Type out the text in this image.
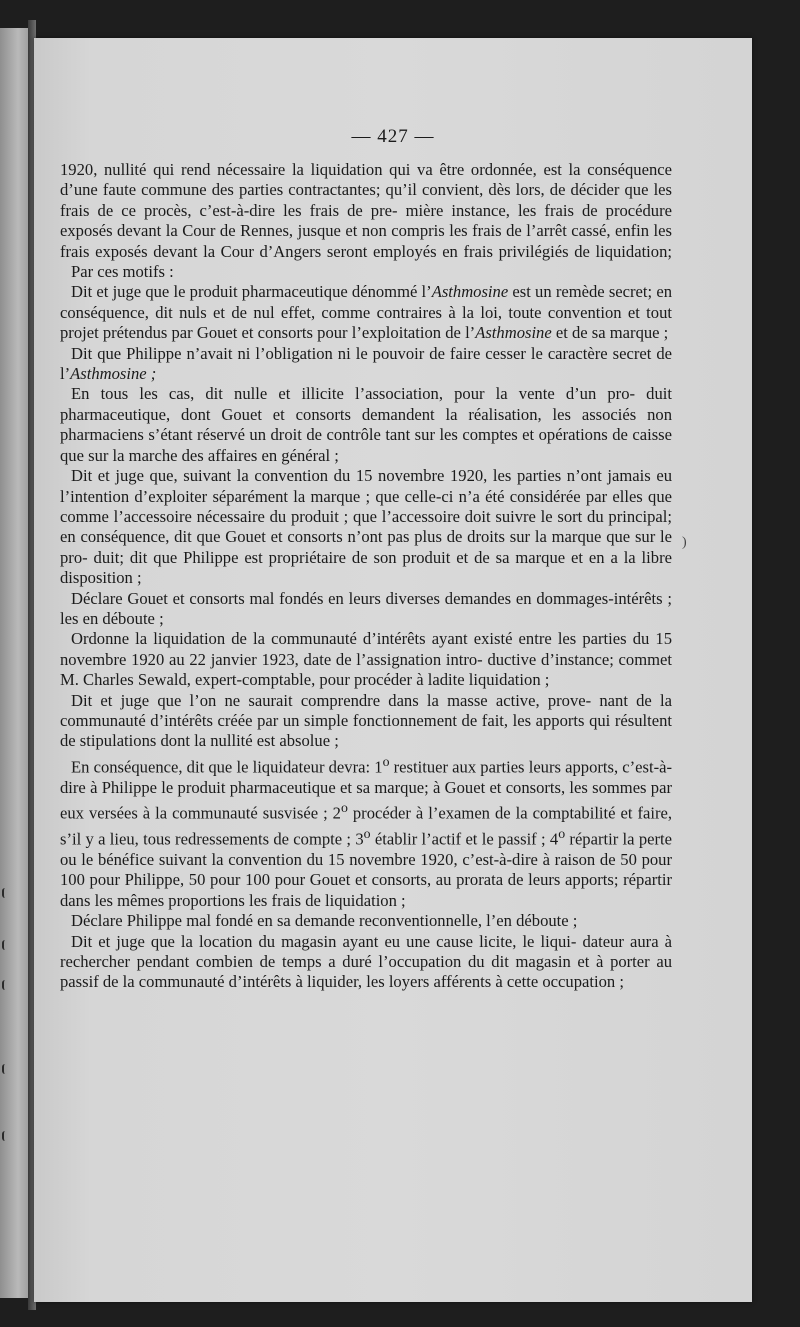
— 427 —

1920, nullité qui rend nécessaire la liquidation qui va être ordonnée, est la conséquence d’une faute commune des parties contractantes; qu’il convient, dès lors, de décider que les frais de ce procès, c’est-à-dire les frais de pre- mière instance, les frais de procédure exposés devant la Cour de Rennes, jusque et non compris les frais de l’arrêt cassé, enfin les frais exposés devant la Cour d’Angers seront employés en frais privilégiés de liquidation;

Par ces motifs :

Dit et juge que le produit pharmaceutique dénommé l’Asthmosine est un remède secret; en conséquence, dit nuls et de nul effet, comme contraires à la loi, toute convention et tout projet prétendus par Gouet et consorts pour l’exploitation de l’Asthmosine et de sa marque ;

Dit que Philippe n’avait ni l’obligation ni le pouvoir de faire cesser le caractère secret de l’Asthmosine ;

En tous les cas, dit nulle et illicite l’association, pour la vente d’un pro- duit pharmaceutique, dont Gouet et consorts demandent la réalisation, les associés non pharmaciens s’étant réservé un droit de contrôle tant sur les comptes et opérations de caisse que sur la marche des affaires en général ;

Dit et juge que, suivant la convention du 15 novembre 1920, les parties n’ont jamais eu l’intention d’exploiter séparément la marque ; que celle-ci n’a été considérée par elles que comme l’accessoire nécessaire du produit ; que l’accessoire doit suivre le sort du principal; en conséquence, dit que Gouet et consorts n’ont pas plus de droits sur la marque que sur le pro- duit; dit que Philippe est propriétaire de son produit et de sa marque et en a la libre disposition ;

Déclare Gouet et consorts mal fondés en leurs diverses demandes en dommages-intérêts ; les en déboute ;

Ordonne la liquidation de la communauté d’intérêts ayant existé entre les parties du 15 novembre 1920 au 22 janvier 1923, date de l’assignation intro- ductive d’instance; commet M. Charles Sewald, expert-comptable, pour procéder à ladite liquidation ;

Dit et juge que l’on ne saurait comprendre dans la masse active, prove- nant de la communauté d’intérêts créée par un simple fonctionnement de fait, les apports qui résultent de stipulations dont la nullité est absolue ;

En conséquence, dit que le liquidateur devra: 1$^o$ restituer aux parties leurs apports, c’est-à-dire à Philippe le produit pharmaceutique et sa marque; à Gouet et consorts, les sommes par eux versées à la communauté susvisée ; 2$^o$ procéder à l’examen de la comptabilité et faire, s’il y a lieu, tous redressements de compte ; 3$^o$ établir l’actif et le passif ; 4$^o$ répartir la perte ou le bénéfice suivant la convention du 15 novembre 1920, c’est-à-dire à raison de 50 pour 100 pour Philippe, 50 pour 100 pour Gouet et consorts, au prorata de leurs apports; répartir dans les mêmes proportions les frais de liquidation ;

Déclare Philippe mal fondé en sa demande reconventionnelle, l’en déboute ;

Dit et juge que la location du magasin ayant eu une cause licite, le liqui- dateur aura à rechercher pendant combien de temps a duré l’occupation du dit magasin et à porter au passif de la communauté d’intérêts à liquider, les loyers afférents à cette occupation ;

)
